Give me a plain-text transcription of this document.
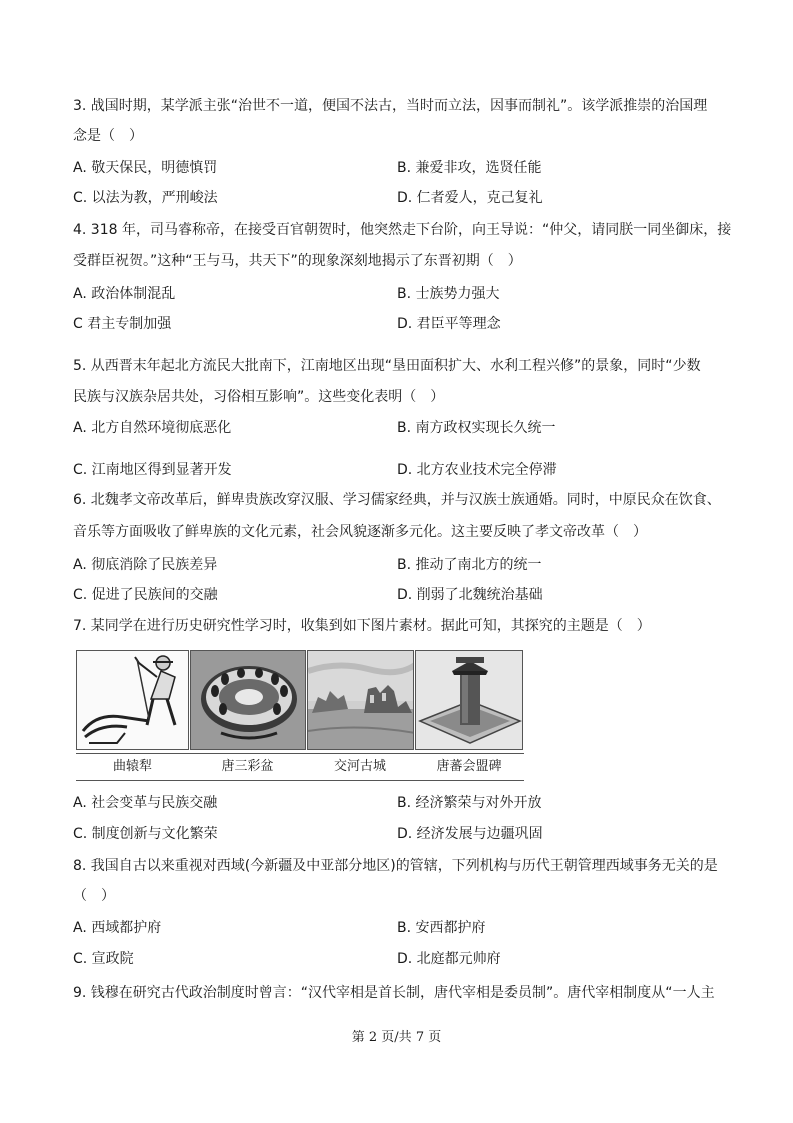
3. 战国时期，某学派主张“治世不一道，便国不法古，当时而立法，因事而制礼”。该学派推崇的治国理
念是（　）
A. 敬天保民，明德慎罚	B. 兼爱非攻，选贤任能
C. 以法为教，严刑峻法	D. 仁者爱人，克己复礼
4. 318 年，司马睿称帝，在接受百官朝贺时，他突然走下台阶，向王导说：“仲父，请同朕一同坐御床，接
受群臣祝贺。”这种“王与马，共天下”的现象深刻地揭示了东晋初期（　）
A. 政治体制混乱	B. 士族势力强大
C 君主专制加强	D. 君臣平等理念
5. 从西晋末年起北方流民大批南下，江南地区出现“垦田面积扩大、水利工程兴修”的景象，同时“少数
民族与汉族杂居共处，习俗相互影响”。这些变化表明（　）
A. 北方自然环境彻底恶化	B. 南方政权实现长久统一
C. 江南地区得到显著开发	D. 北方农业技术完全停滞
6. 北魏孝文帝改革后，鲜卑贵族改穿汉服、学习儒家经典，并与汉族士族通婚。同时，中原民众在饮食、
音乐等方面吸收了鲜卑族的文化元素，社会风貌逐渐多元化。这主要反映了孝文帝改革（　）
A. 彻底消除了民族差异	B. 推动了南北方的统一
C. 促进了民族间的交融	D. 削弱了北魏统治基础
7. 某同学在进行历史研究性学习时，收集到如下图片素材。据此可知，其探究的主题是（　）
曲辕犁	唐三彩盆	交河古城	唐蕃会盟碑
A. 社会变革与民族交融	B. 经济繁荣与对外开放
C. 制度创新与文化繁荣	D. 经济发展与边疆巩固
8. 我国自古以来重视对西域(今新疆及中亚部分地区)的管辖，下列机构与历代王朝管理西域事务无关的是
（　）
A. 西域都护府	B. 安西都护府
C. 宣政院	D. 北庭都元帅府
9. 钱穆在研究古代政治制度时曾言：“汉代宰相是首长制，唐代宰相是委员制”。唐代宰相制度从“一人主
第 2 页/共 7 页
